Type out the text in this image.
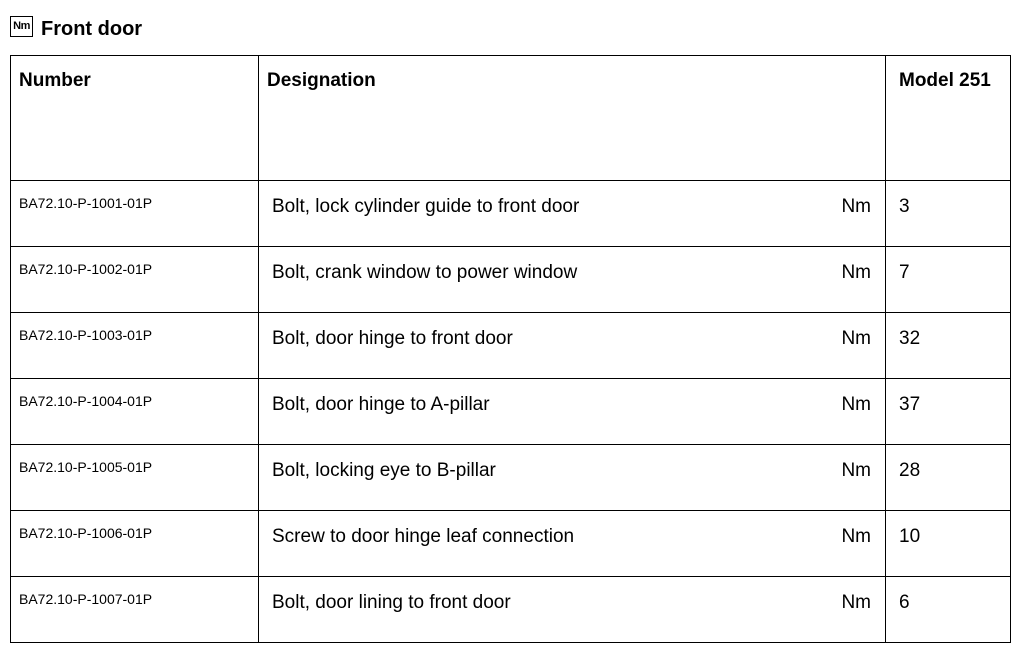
Nm Front door
Number	Designation	Model 251

BA72.10-P-1001-01P	Bolt, lock cylinder guide to front door Nm	3

BA72.10-P-1002-01P	Bolt, crank window to power window Nm	7

BA72.10-P-1003-01P	Bolt, door hinge to front door Nm	32

BA72.10-P-1004-01P	Bolt, door hinge to A-pillar Nm	37

BA72.10-P-1005-01P	Bolt, locking eye to B-pillar Nm	28

BA72.10-P-1006-01P	Screw to door hinge leaf connection Nm	10

BA72.10-P-1007-01P	Bolt, door lining to front door Nm	6
